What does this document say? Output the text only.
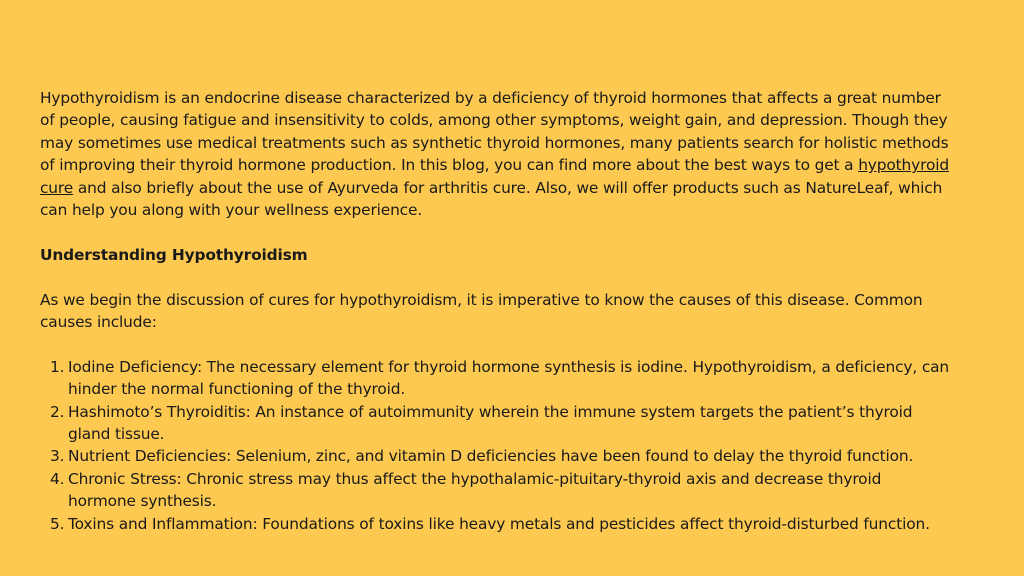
Hypothyroidism is an endocrine disease characterized by a deficiency of thyroid hormones that affects a great number of people, causing fatigue and insensitivity to colds, among other symptoms, weight gain, and depression. Though they may sometimes use medical treatments such as synthetic thyroid hormones, many patients search for holistic methods of improving their thyroid hormone production. In this blog, you can find more about the best ways to get a hypothyroid cure and also briefly about the use of Ayurveda for arthritis cure. Also, we will offer products such as NatureLeaf, which can help you along with your wellness experience.

Understanding Hypothyroidism

As we begin the discussion of cures for hypothyroidism, it is imperative to know the causes of this disease. Common causes include:

1. Iodine Deficiency: The necessary element for thyroid hormone synthesis is iodine. Hypothyroidism, a deficiency, can hinder the normal functioning of the thyroid.
2. Hashimoto’s Thyroiditis: An instance of autoimmunity wherein the immune system targets the patient’s thyroid gland tissue.
3. Nutrient Deficiencies: Selenium, zinc, and vitamin D deficiencies have been found to delay the thyroid function.
4. Chronic Stress: Chronic stress may thus affect the hypothalamic-pituitary-thyroid axis and decrease thyroid hormone synthesis.
5. Toxins and Inflammation: Foundations of toxins like heavy metals and pesticides affect thyroid-disturbed function.
